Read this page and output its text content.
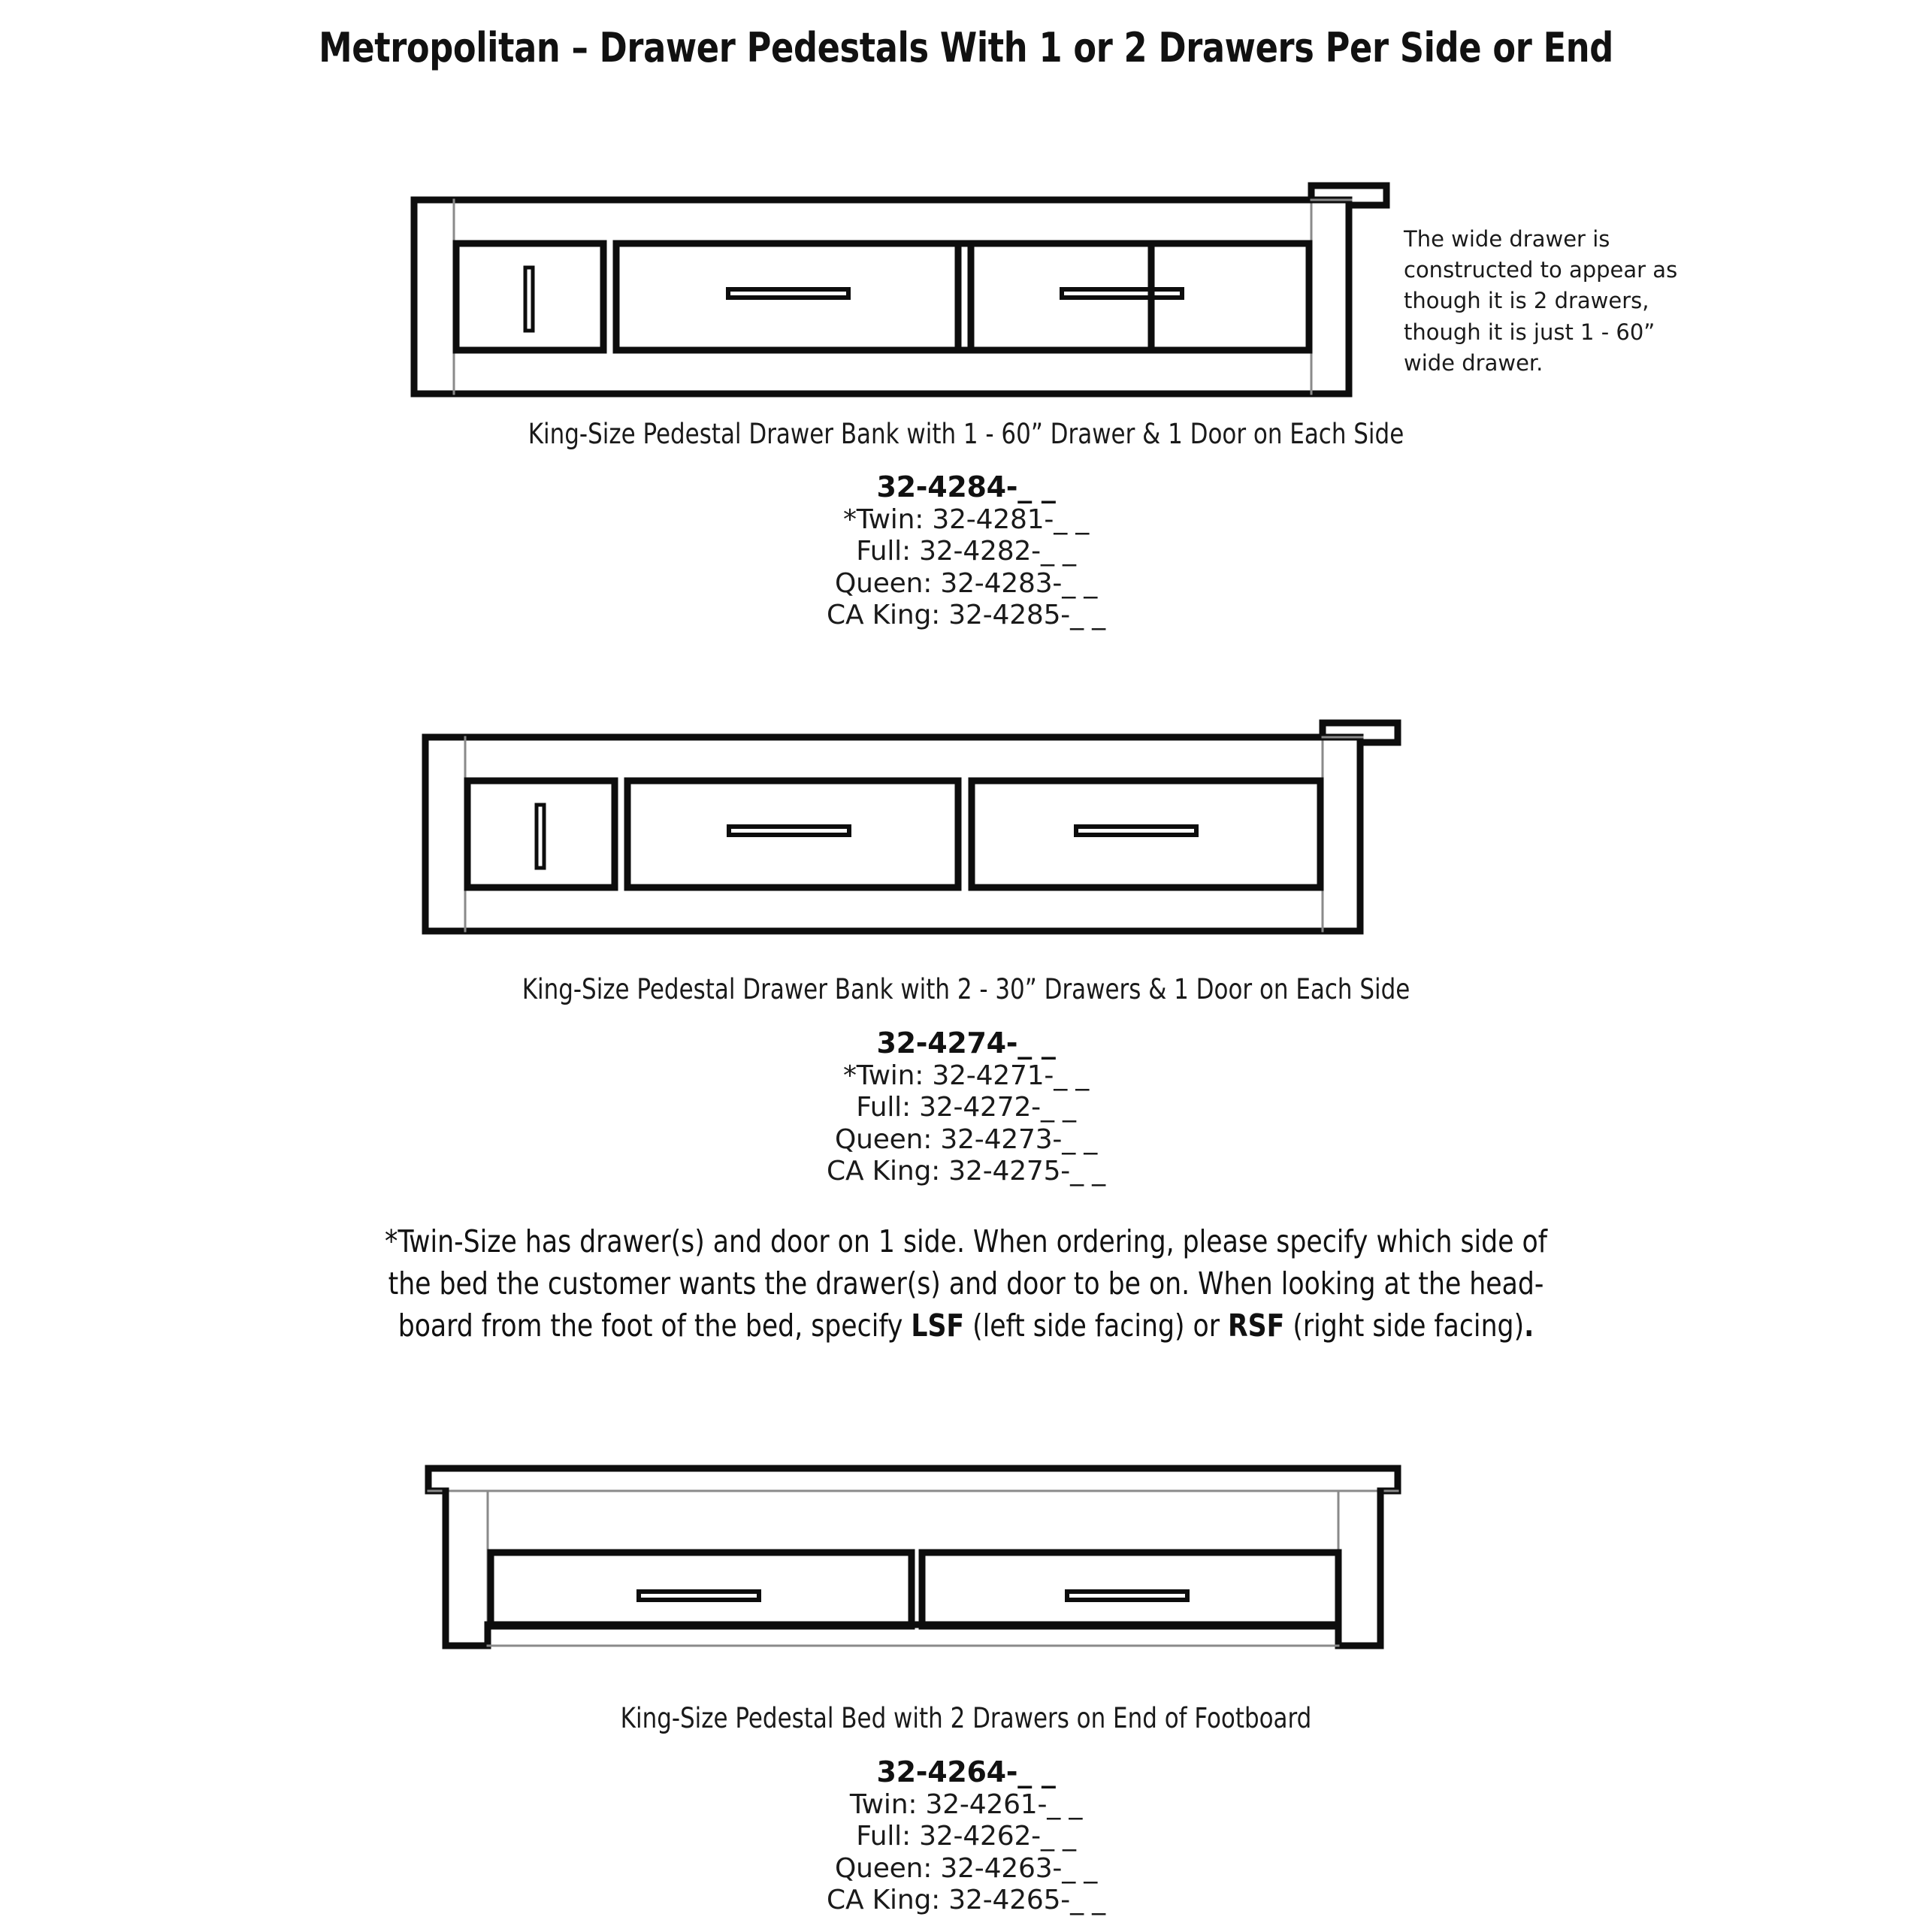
Metropolitan – Drawer Pedestals With 1 or 2 Drawers Per Side or End
The wide drawer is
constructed to appear as
though it is 2 drawers,
though it is just 1 - 60”
wide drawer.
King-Size Pedestal Drawer Bank with 1 - 60” Drawer & 1 Door on Each Side
32-4284-_ _
*Twin: 32-4281-_ _
Full: 32-4282-_ _
Queen: 32-4283-_ _
CA King: 32-4285-_ _
King-Size Pedestal Drawer Bank with 2 - 30” Drawers & 1 Door on Each Side
32-4274-_ _
*Twin: 32-4271-_ _
Full: 32-4272-_ _
Queen: 32-4273-_ _
CA King: 32-4275-_ _
*Twin-Size has drawer(s) and door on 1 side. When ordering, please specify which side of
the bed the customer wants the drawer(s) and door to be on. When looking at the head-
board from the foot of the bed, specify LSF (left side facing) or RSF (right side facing).
King-Size Pedestal Bed with 2 Drawers on End of Footboard
32-4264-_ _
Twin: 32-4261-_ _
Full: 32-4262-_ _
Queen: 32-4263-_ _
CA King: 32-4265-_ _
